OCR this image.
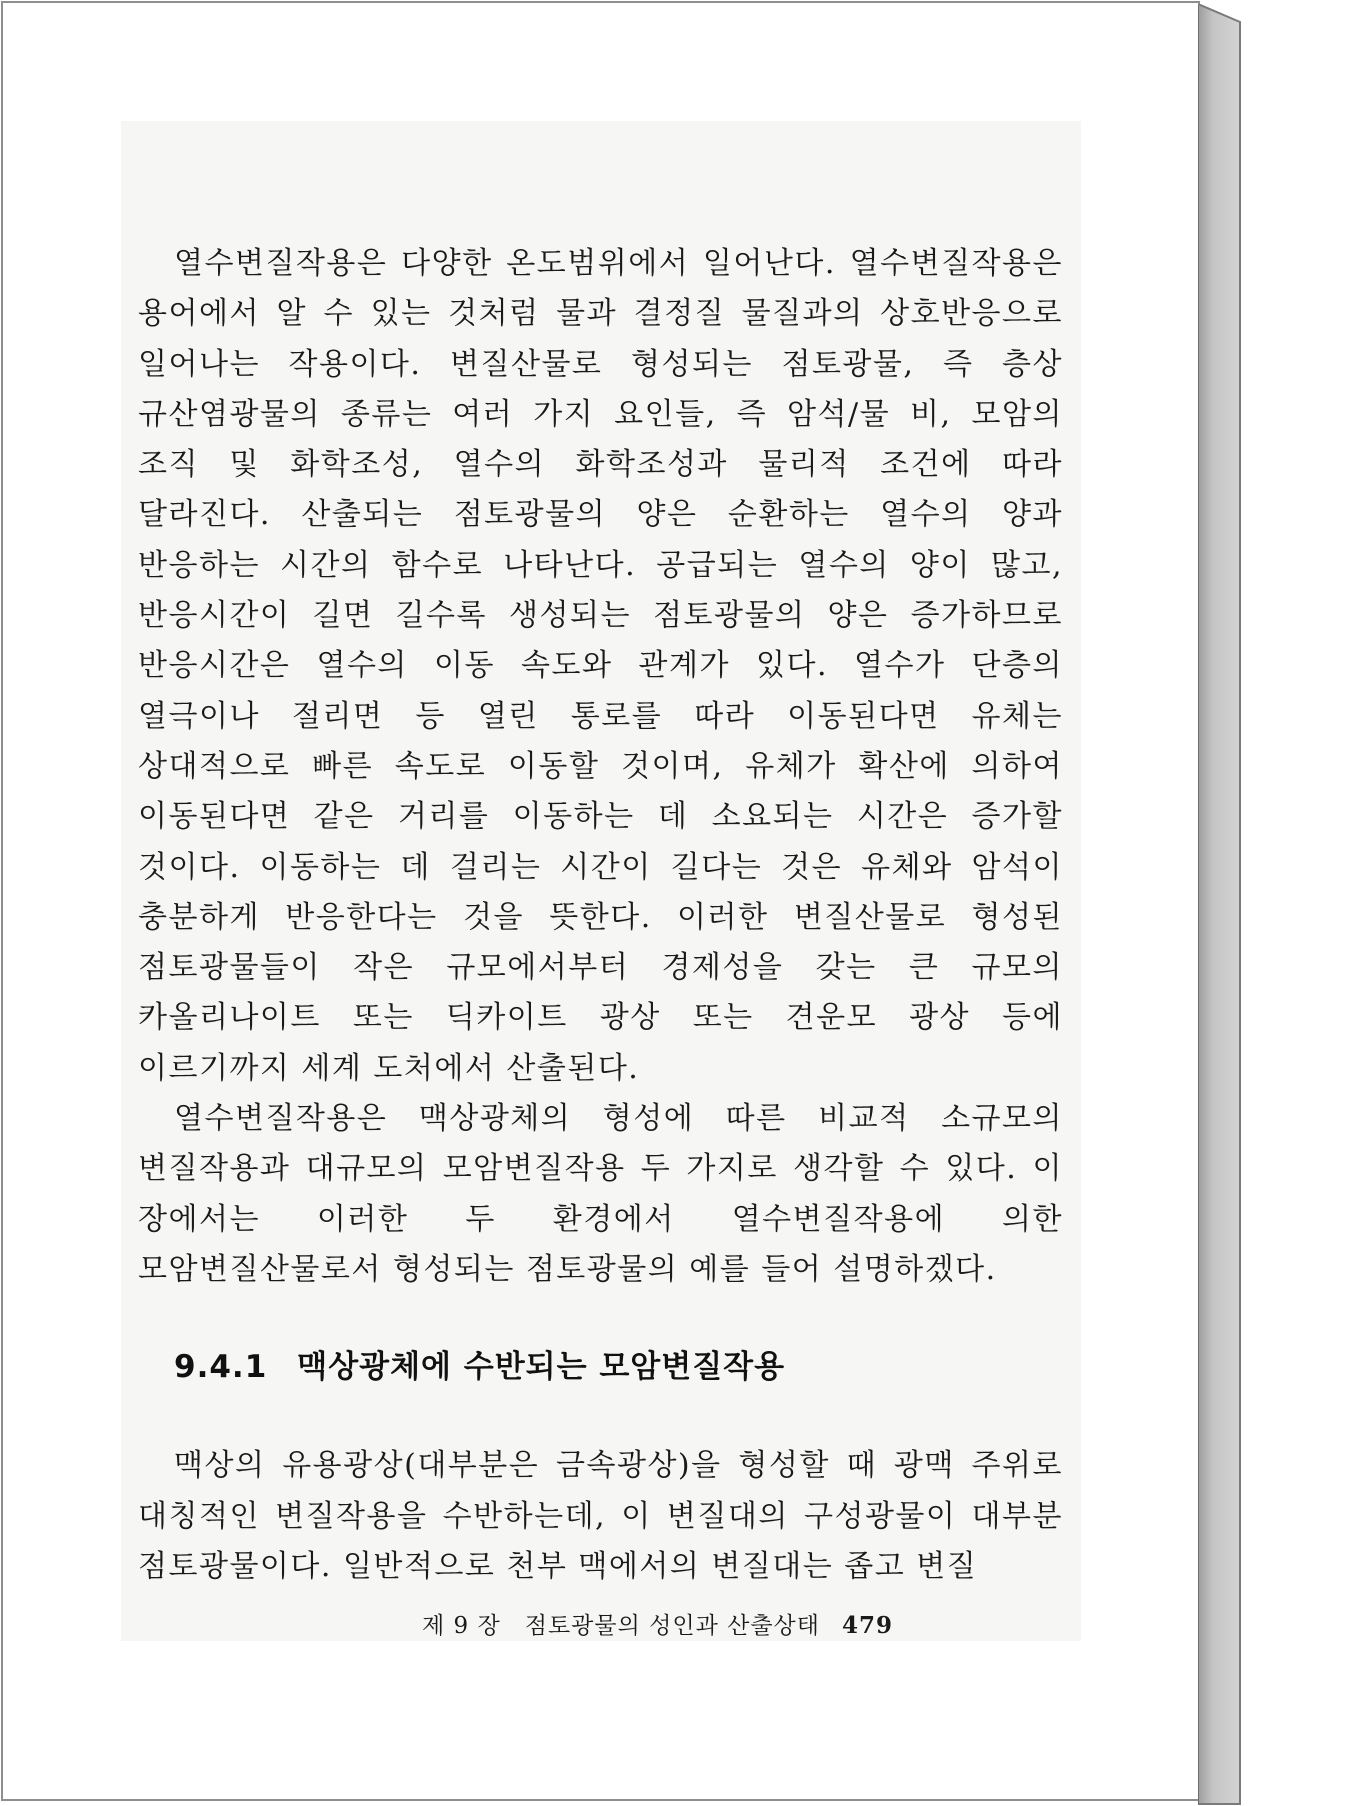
열수변질작용은 다양한 온도범위에서 일어난다. 열수변질작용은 용어에서 알 수 있는 것처럼 물과 결정질 물질과의 상호반응으로 일어나는 작용이다. 변질산물로 형성되는 점토광물, 즉 층상 규산염광물의 종류는 여러 가지 요인들, 즉 암석/물 비, 모암의 조직 및 화학조성, 열수의 화학조성과 물리적 조건에 따라 달라진다. 산출되는 점토광물의 양은 순환하는 열수의 양과 반응하는 시간의 함수로 나타난다. 공급되는 열수의 양이 많고, 반응시간이 길면 길수록 생성되는 점토광물의 양은 증가하므로 반응시간은 열수의 이동 속도와 관계가 있다. 열수가 단층의 열극이나 절리면 등 열린 통로를 따라 이동된다면 유체는 상대적으로 빠른 속도로 이동할 것이며, 유체가 확산에 의하여 이동된다면 같은 거리를 이동하는 데 소요되는 시간은 증가할 것이다. 이동하는 데 걸리는 시간이 길다는 것은 유체와 암석이 충분하게 반응한다는 것을 뜻한다. 이러한 변질산물로 형성된 점토광물들이 작은 규모에서부터 경제성을 갖는 큰 규모의 카올리나이트 또는 딕카이트 광상 또는 견운모 광상 등에 이르기까지 세계 도처에서 산출된다.

열수변질작용은 맥상광체의 형성에 따른 비교적 소규모의 변질작용과 대규모의 모암변질작용 두 가지로 생각할 수 있다. 이 장에서는 이러한 두 환경에서 열수변질작용에 의한 모암변질산물로서 형성되는 점토광물의 예를 들어 설명하겠다.

9.4.1 맥상광체에 수반되는 모암변질작용

맥상의 유용광상(대부분은 금속광상)을 형성할 때 광맥 주위로 대칭적인 변질작용을 수반하는데, 이 변질대의 구성광물이 대부분 점토광물이다. 일반적으로 천부 맥에서의 변질대는 좁고 변질

제 9 장 점토광물의 성인과 산출상태 479
